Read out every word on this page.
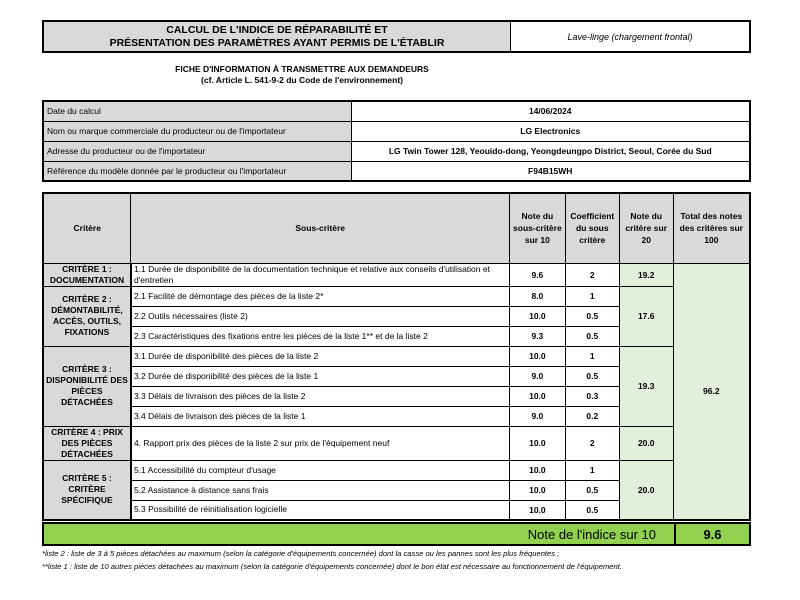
CALCUL DE L'INDICE DE RÉPARABILITÉ ET
PRÉSENTATION DES PARAMÈTRES AYANT PERMIS DE L'ÉTABLIR	Lave-linge (chargement frontal)
FICHE D'INFORMATION À TRANSMETTRE AUX DEMANDEURS
(cf. Article L. 541-9-2 du Code de l'environnement)
Date du calcul	14/06/2024
Nom ou marque commerciale du producteur ou de l'importateur	LG Electronics
Adresse du producteur ou de l'importateur	LG Twin Tower 128, Yeouido-dong, Yeongdeungpo District, Seoul, Corée du Sud
Référence du modèle donnée par le producteur ou l'importateur	F94B15WH
Critère	Sous-critère	Note du sous-critère sur 10	Coefficient du sous critère	Note du critère sur 20	Total des notes des critères sur 100
CRITÈRE 1 : DOCUMENTATION	1.1 Durée de disponibilité de la documentation technique et relative aux conseils d'utilisation et d'entretien	9.6	2	19.2	96.2
CRITÈRE 2 : DÉMONTABILITÉ, ACCÈS, OUTILS, FIXATIONS	2.1 Facilité de démontage des pièces de la liste 2*	8.0	1	17.6	
	2.2 Outils nécessaires (liste 2)	10.0	0.5		
	2.3 Caractéristiques des fixations entre les pièces de la liste 1** et de la liste 2	9.3	0.5		
CRITÈRE 3 : DISPONIBILITÉ DES PIÈCES DÉTACHÉES	3.1 Durée de disponibilité des pièces de la liste 2	10.0	1	19.3	
	3.2 Durée de disponibilité des pièces de la liste 1	9.0	0.5		
	3.3 Délais de livraison des pièces de la liste 2	10.0	0.3		
	3.4 Délais de livraison des pièces de la liste 1	9.0	0.2		
CRITÈRE 4 : PRIX DES PIÈCES DÉTACHÉES	4. Rapport prix des pièces de la liste 2 sur prix de l'équipement neuf	10.0	2	20.0	
CRITÈRE 5 : CRITÈRE SPÉCIFIQUE	5.1 Accessibilité du compteur d'usage	10.0	1	20.0	
	5.2 Assistance à distance sans frais	10.0	0.5		
	5.3 Possibilité de réinitialisation logicielle	10.0	0.5		
Note de l'indice sur 10	9.6
*liste 2 : liste de 3 à 5 pièces détachées au maximum (selon la catégorie d'équipements concernée) dont la casse ou les pannes sont les plus fréquentes ;
**liste 1 : liste de 10 autres pièces détachées au maximum (selon la catégorie d'équipements concernée) dont le bon état est nécessaire au fonctionnement de l'équipement.
